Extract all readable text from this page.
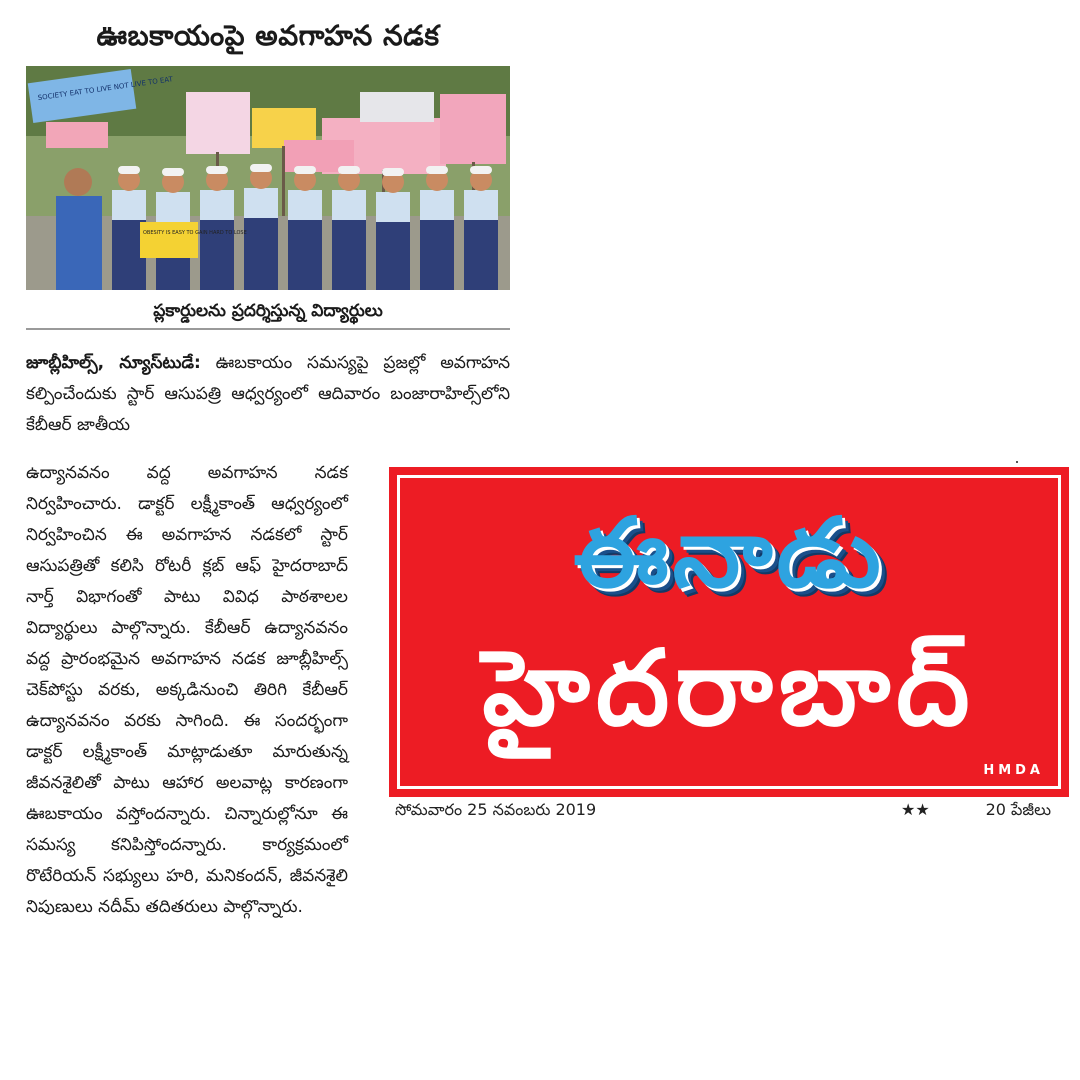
ఊబకాయంపై అవగాహన నడక
SOCIETY EAT TO LIVE NOT LIVE TO EAT
OBESITY IS EASY TO GAIN HARD TO LOSE
ప్లకార్డులను ప్రదర్శిస్తున్న విద్యార్థులు
జూబ్లీహిల్స్‌, న్యూస్‌టుడే: ఊబకాయం సమస్యపై ప్రజల్లో అవగాహన కల్పించేందుకు స్టార్‌ ఆసుపత్రి ఆధ్వర్యంలో ఆదివారం బంజారాహిల్స్‌లోని కేబీఆర్‌ జాతీయ
ఉద్యానవనం వద్ద అవగాహన నడక నిర్వహించారు. డాక్టర్‌ లక్ష్మీకాంత్‌ ఆధ్వర్యంలో నిర్వహించిన ఈ అవగాహన నడకలో స్టార్‌ ఆసుపత్రితో కలిసి రోటరీ క్లబ్‌ ఆఫ్‌ హైదరాబాద్‌ నార్త్‌ విభాగంతో పాటు వివిధ పాఠశాలల విద్యార్థులు పాల్గొన్నారు. కేబీఆర్‌ ఉద్యానవనం వద్ద ప్రారంభమైన అవగాహన నడక జూబ్లీహిల్స్‌ చెక్‌పోస్టు వరకు, అక్కడినుంచి తిరిగి కేబీఆర్‌ ఉద్యానవనం వరకు సాగింది. ఈ సందర్భంగా డాక్టర్‌ లక్ష్మీకాంత్‌ మాట్లాడుతూ మారుతున్న జీవనశైలితో పాటు ఆహార అలవాట్ల కారణంగా ఊబకాయం వస్తోందన్నారు. చిన్నారుల్లోనూ ఈ సమస్య కనిపిస్తోందన్నారు. కార్యక్రమంలో రొటేరియన్‌ సభ్యులు హరి, మనికందన్‌, జీవనశైలి నిపుణులు నదీమ్‌ తదితరులు పాల్గొన్నారు.
ఈనాడు
హైదరాబాద్‌
HMDA
సోమవారం 25 నవంబరు 2019	★★	20 పేజీలు
